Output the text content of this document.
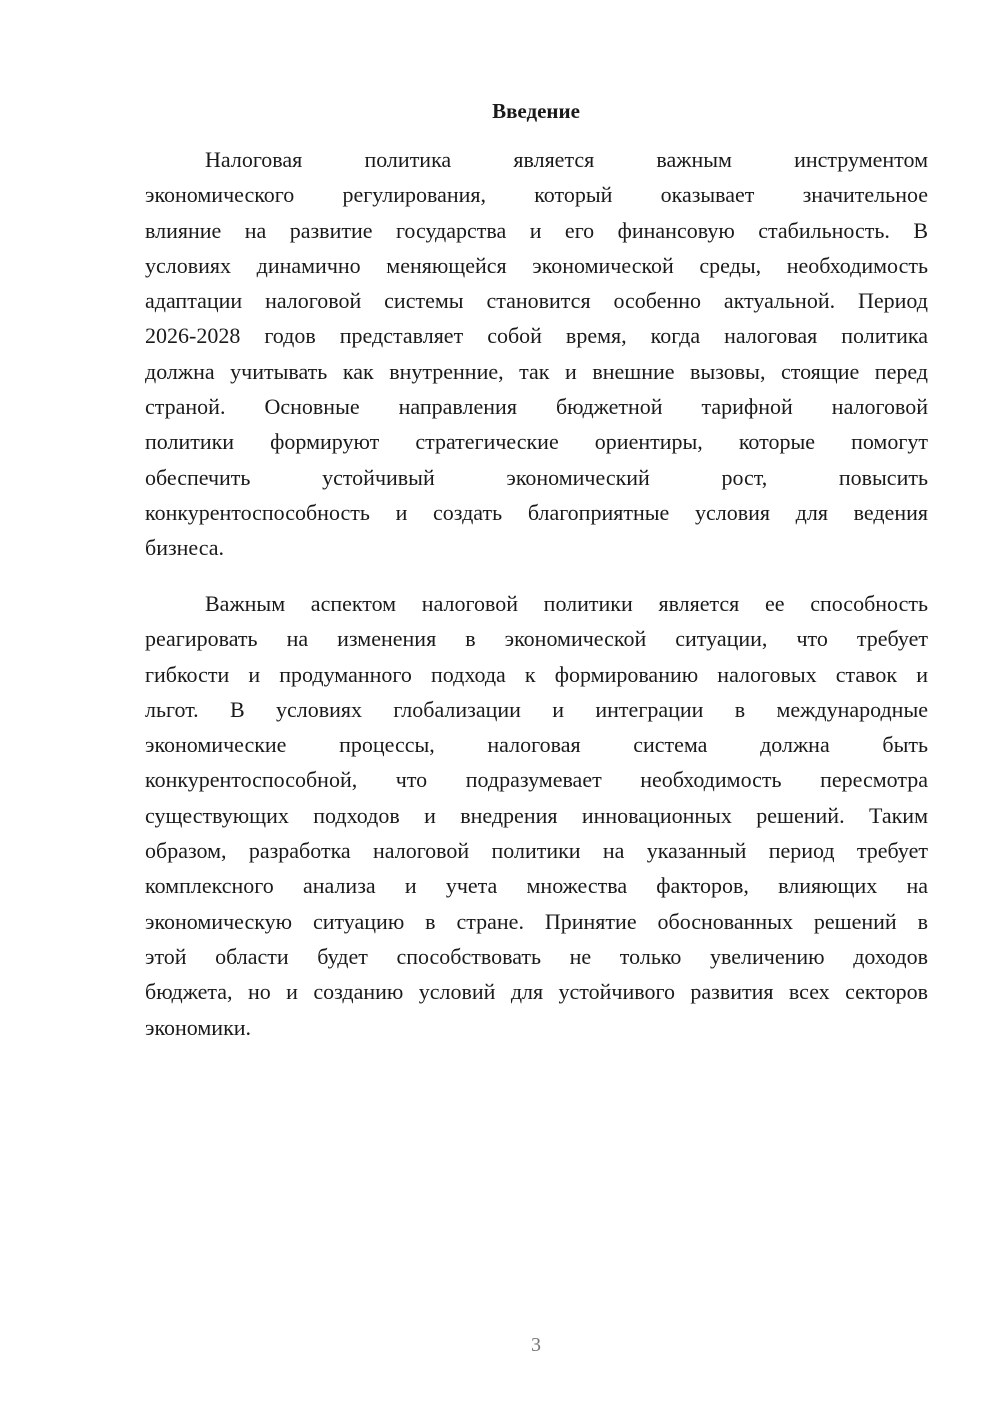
Введение
Налоговая политика является важным инструментом
экономического регулирования, который оказывает значительное
влияние на развитие государства и его финансовую стабильность. В
условиях динамично меняющейся экономической среды, необходимость
адаптации налоговой системы становится особенно актуальной. Период
2026-2028 годов представляет собой время, когда налоговая политика
должна учитывать как внутренние, так и внешние вызовы, стоящие перед
страной. Основные направления бюджетной тарифной налоговой
политики формируют стратегические ориентиры, которые помогут
обеспечить устойчивый экономический рост, повысить
конкурентоспособность и создать благоприятные условия для ведения
бизнеса.
Важным аспектом налоговой политики является ее способность
реагировать на изменения в экономической ситуации, что требует
гибкости и продуманного подхода к формированию налоговых ставок и
льгот. В условиях глобализации и интеграции в международные
экономические процессы, налоговая система должна быть
конкурентоспособной, что подразумевает необходимость пересмотра
существующих подходов и внедрения инновационных решений. Таким
образом, разработка налоговой политики на указанный период требует
комплексного анализа и учета множества факторов, влияющих на
экономическую ситуацию в стране. Принятие обоснованных решений в
этой области будет способствовать не только увеличению доходов
бюджета, но и созданию условий для устойчивого развития всех секторов
экономики.
3
